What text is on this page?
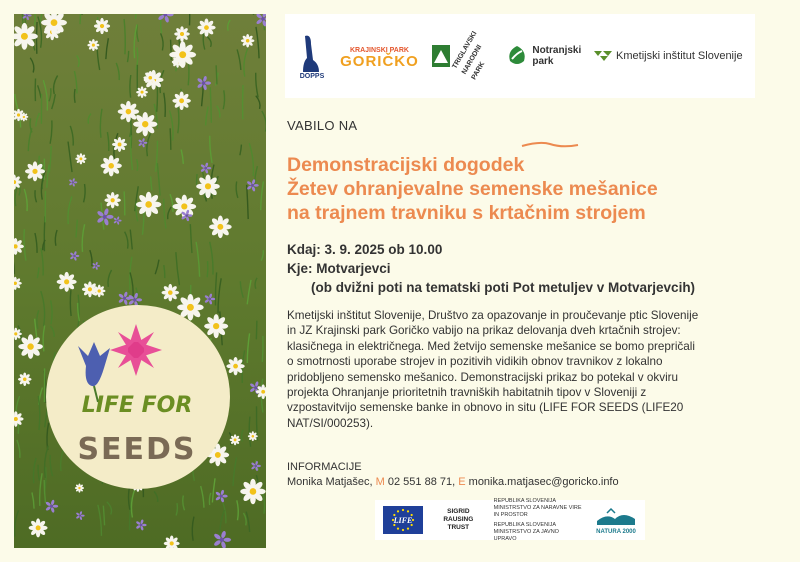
LIFE FOR
SEEDS
DOPPS
KRAJINSKI PARK
GORIČKO	TRIGLAVSKI NARODNI PARK
Notranjski
park	Kmetijski inštitut Slovenije
VABILO NA
Demonstracijski dogodek
Žetev ohranjevalne semenske mešanice
na trajnem travniku s krtačnim strojem
Kdaj: 3. 9. 2025 ob 10.00
Kje: Motvarjevci
(ob dvižni poti na tematski poti Pot metuljev v Motvarjevcih)
Kmetijski inštitut Slovenije, Društvo za opazovanje in proučevanje ptic Slovenije
in JZ Krajinski park Goričko vabijo na prikaz delovanja dveh krtačnih strojev:
klasičnega in električnega. Med žetvijo semenske mešanice se bomo prepričali
o smotrnosti uporabe strojev in pozitivih vidikih obnov travnikov z lokalno
pridobljeno semensko mešanico. Demonstracijski prikaz bo potekal v okviru
projekta Ohranjanje prioritetnih travniških habitatnih tipov v Sloveniji z
vzpostavitvijo semenske banke in obnovo in situ (LIFE FOR SEEDS (LIFE20
NAT/SI/000253).
INFORMACIJE
Monika Matjašec, M 02 551 88 71, E monika.matjasec@goricko.info
LIFE
SIGRID RAUSING TRUST
REPUBLIKA SLOVENIJA MINISTRSTVO ZA NARAVNE VIRE IN PROSTOR
REPUBLIKA SLOVENIJA MINISTRSTVO ZA JAVNO UPRAVO
NATURA 2000
